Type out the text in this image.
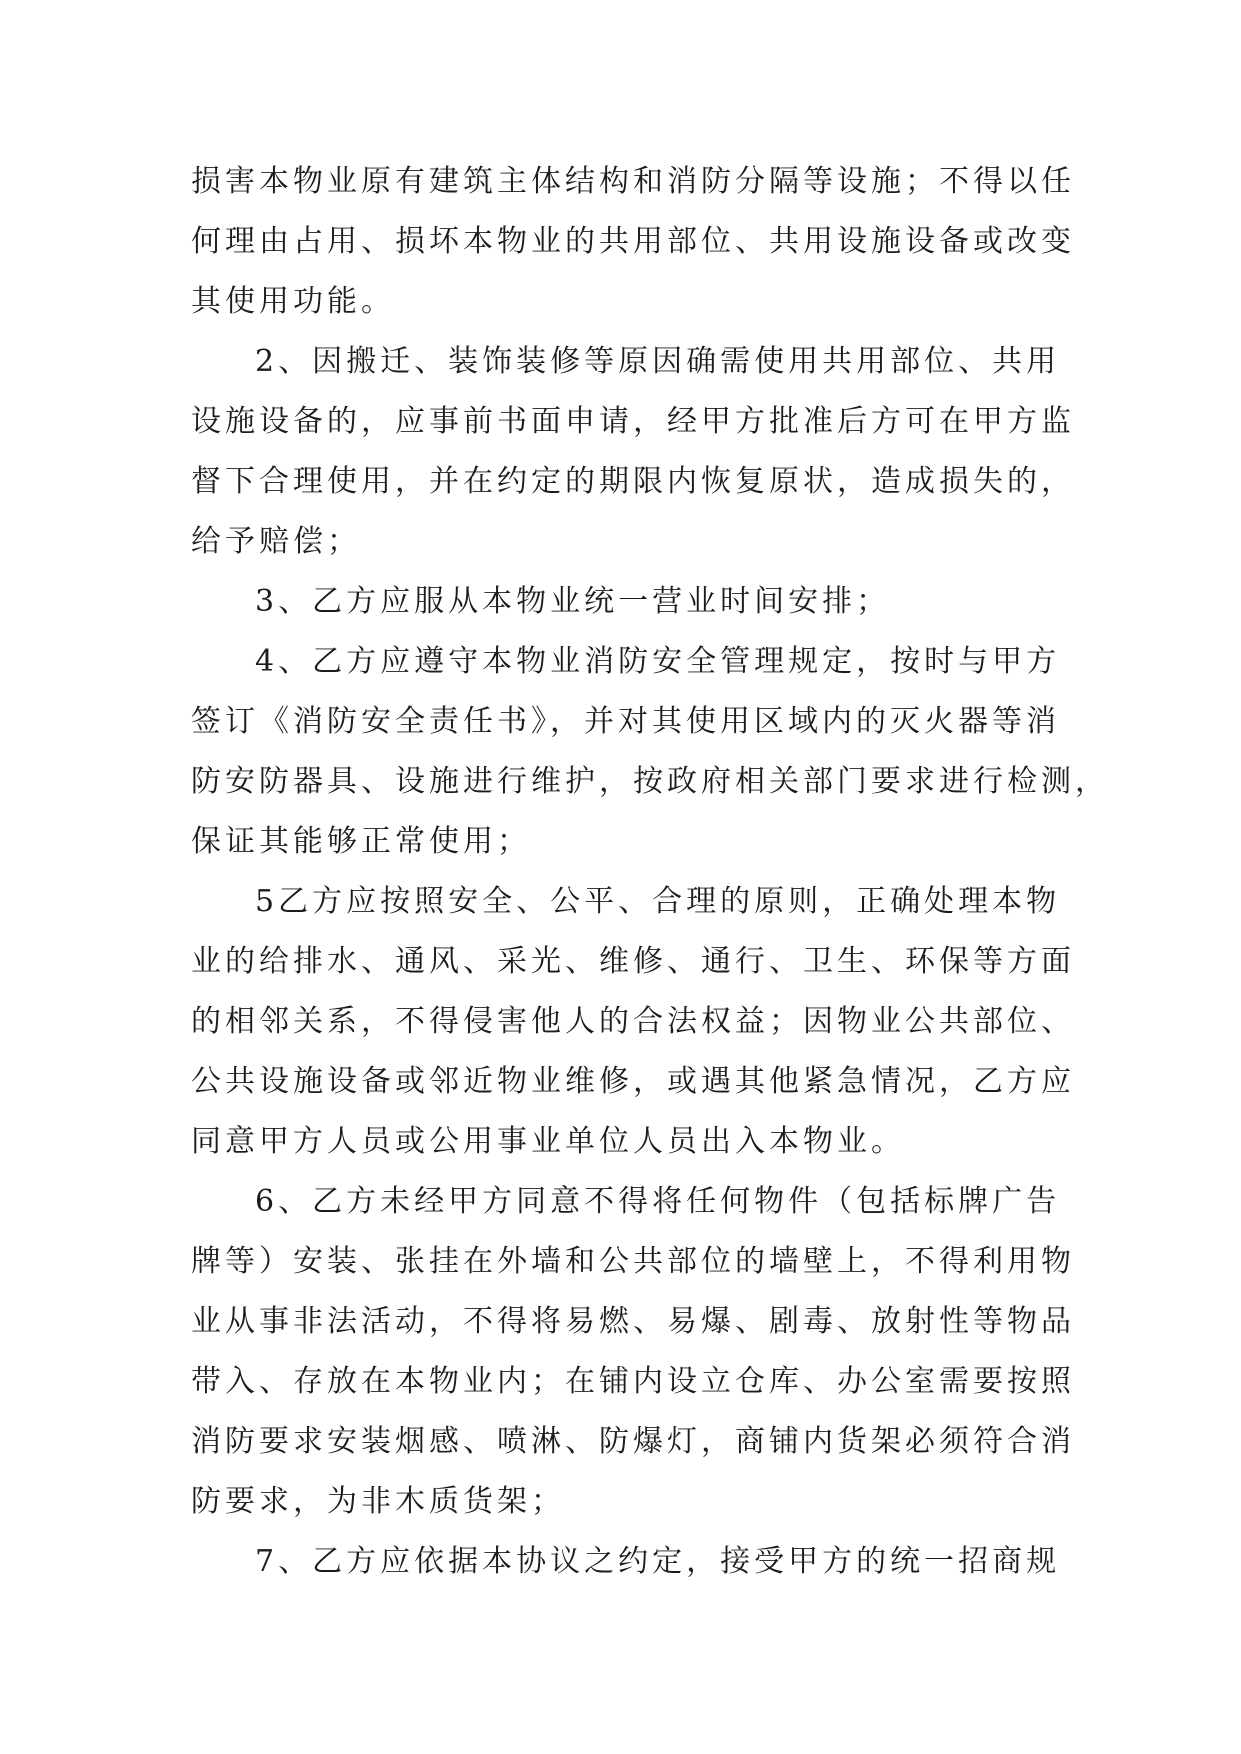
损害本物业原有建筑主体结构和消防分隔等设施；不得以任
何理由占用、损坏本物业的共用部位、共用设施设备或改变
其使用功能。
2、因搬迁、装饰装修等原因确需使用共用部位、共用
设施设备的，应事前书面申请，经甲方批准后方可在甲方监
督下合理使用，并在约定的期限内恢复原状，造成损失的，
给予赔偿；
3、乙方应服从本物业统一营业时间安排；
4、乙方应遵守本物业消防安全管理规定，按时与甲方
签订《消防安全责任书》，并对其使用区域内的灭火器等消
防安防器具、设施进行维护，按政府相关部门要求进行检测，
保证其能够正常使用；
5乙方应按照安全、公平、合理的原则，正确处理本物
业的给排水、通风、采光、维修、通行、卫生、环保等方面
的相邻关系，不得侵害他人的合法权益；因物业公共部位、
公共设施设备或邻近物业维修，或遇其他紧急情况，乙方应
同意甲方人员或公用事业单位人员出入本物业。
6、乙方未经甲方同意不得将任何物件（包括标牌广告
牌等）安装、张挂在外墙和公共部位的墙壁上，不得利用物
业从事非法活动，不得将易燃、易爆、剧毒、放射性等物品
带入、存放在本物业内；在铺内设立仓库、办公室需要按照
消防要求安装烟感、喷淋、防爆灯，商铺内货架必须符合消
防要求，为非木质货架；
7、乙方应依据本协议之约定，接受甲方的统一招商规
